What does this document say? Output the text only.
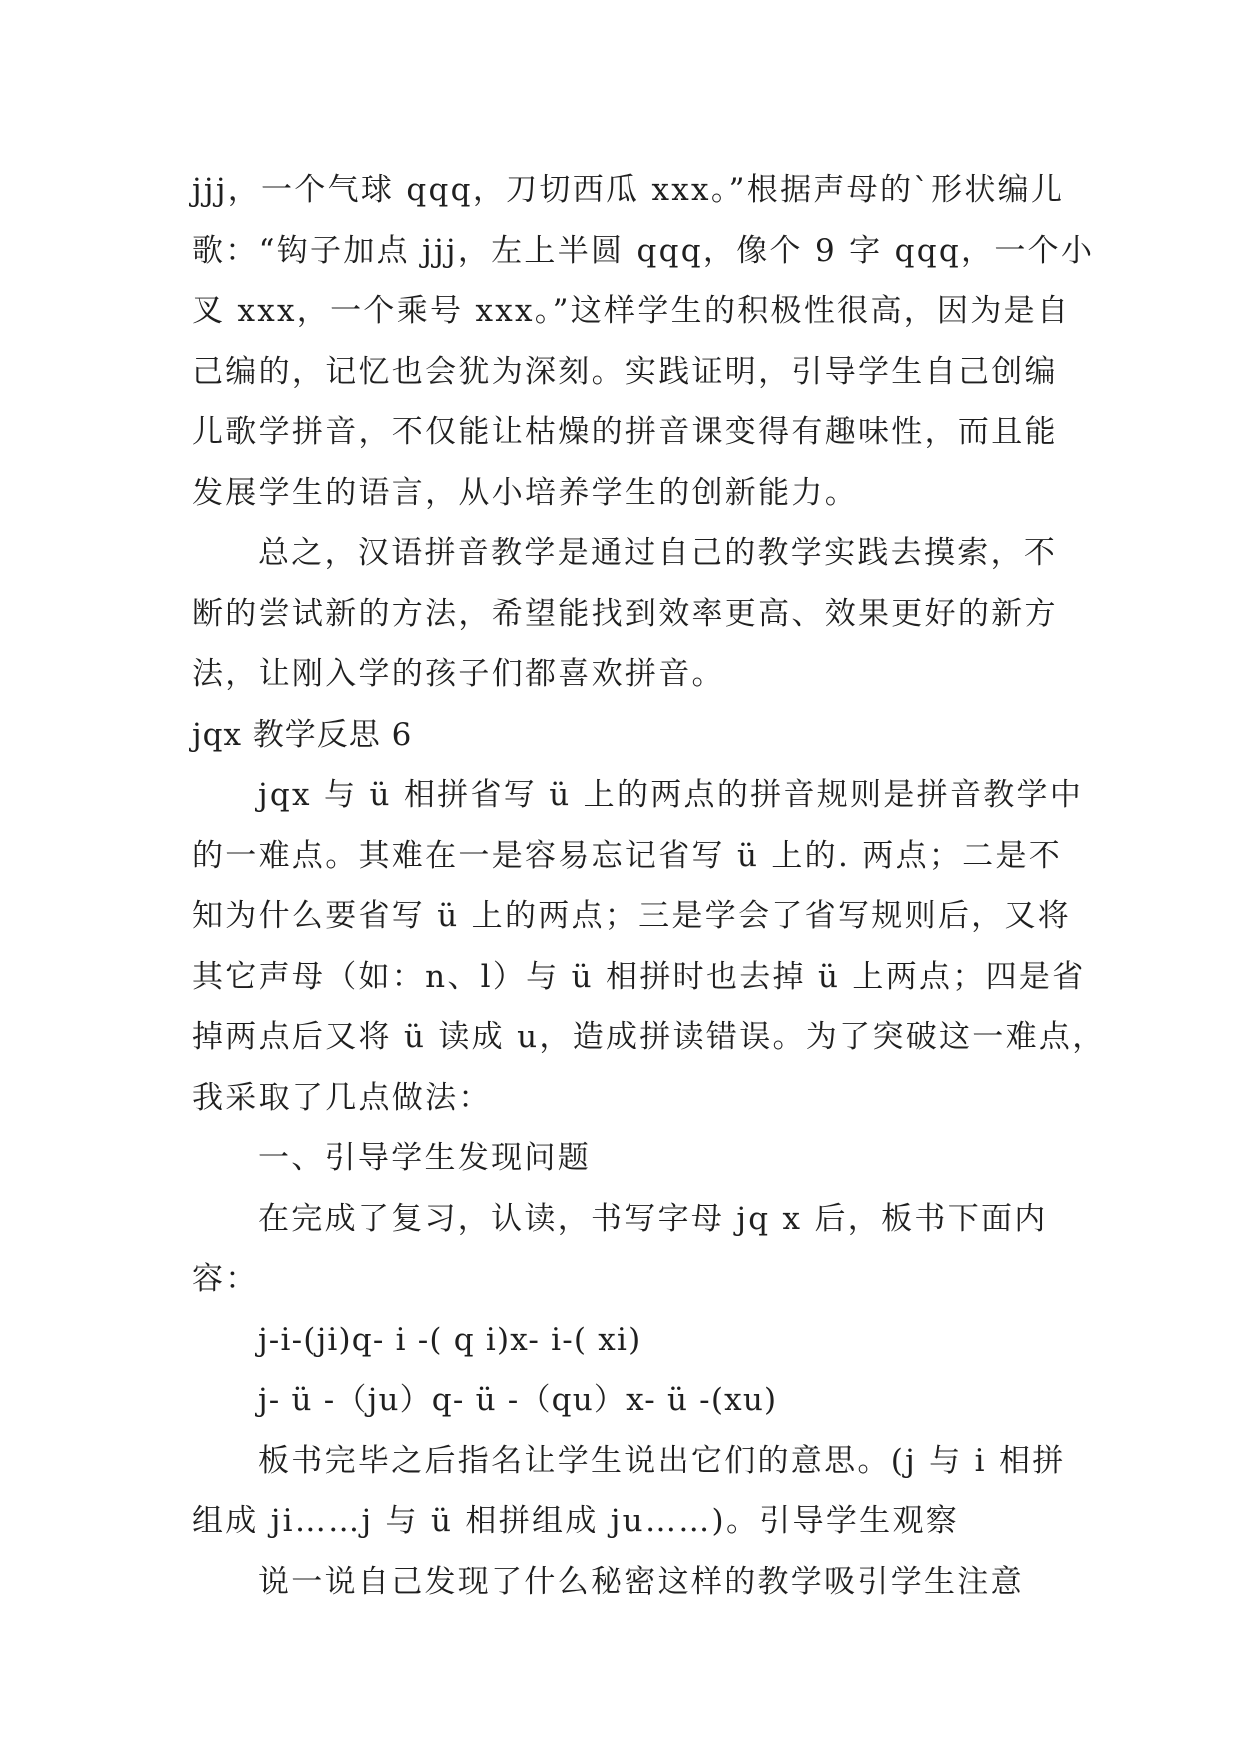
jjj，一个气球 qqq，刀切西瓜 xxx。”根据声母的`形状编儿
歌：“钩子加点 jjj，左上半圆 qqq，像个 9 字 qqq，一个小
叉 xxx，一个乘号 xxx。”这样学生的积极性很高，因为是自
己编的，记忆也会犹为深刻。实践证明，引导学生自己创编
儿歌学拼音，不仅能让枯燥的拼音课变得有趣味性，而且能
发展学生的语言，从小培养学生的创新能力。
总之，汉语拼音教学是通过自己的教学实践去摸索，不
断的尝试新的方法，希望能找到效率更高、效果更好的新方
法，让刚入学的孩子们都喜欢拼音。
jqx 教学反思 6
jqx 与 ü 相拼省写 ü 上的两点的拼音规则是拼音教学中
的一难点。其难在一是容易忘记省写 ü 上的. 两点；二是不
知为什么要省写 ü 上的两点；三是学会了省写规则后，又将
其它声母（如：n、l）与 ü 相拼时也去掉 ü 上两点；四是省
掉两点后又将 ü 读成 u，造成拼读错误。为了突破这一难点，
我采取了几点做法：
一、引导学生发现问题
在完成了复习，认读，书写字母 jq x 后，板书下面内
容：
j-i-(ji)q- i -( q i)x- i-( xi)
j- ü -（ju）q- ü -（qu）x- ü -(xu)
板书完毕之后指名让学生说出它们的意思。(j 与 i 相拼
组成 ji……j 与 ü 相拼组成 ju……)。引导学生观察
说一说自己发现了什么秘密这样的教学吸引学生注意
